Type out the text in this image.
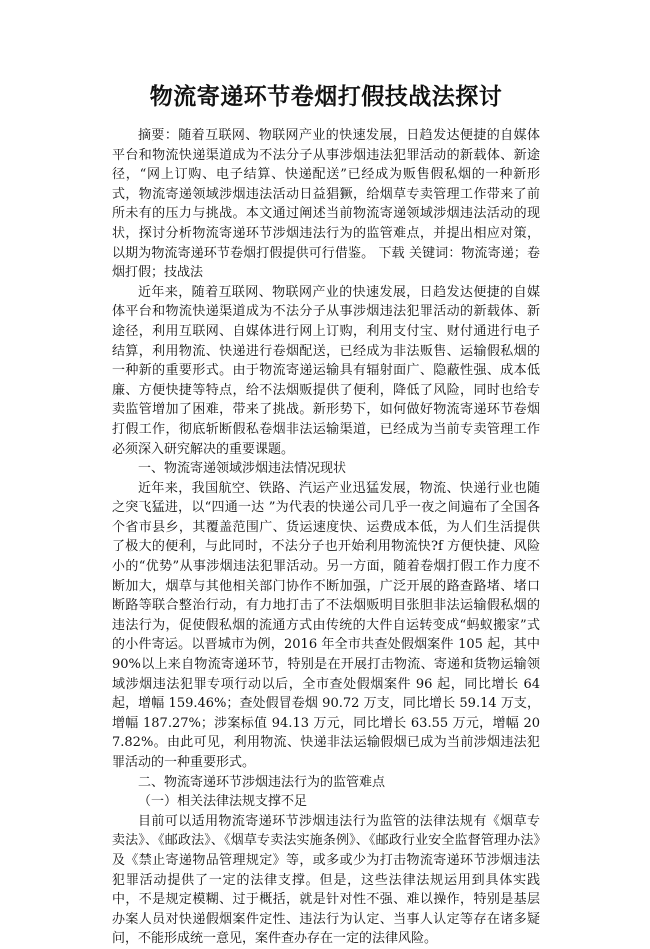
物流寄递环节卷烟打假技战法探讨

摘要：随着互联网、物联网产业的快速发展，日趋发达便捷的自媒体平台和物流快递渠道成为不法分子从事涉烟违法犯罪活动的新载体、新途径，“网上订购、电子结算、快递配送”已经成为贩售假私烟的一种新形式，物流寄递领域涉烟违法活动日益猖獗，给烟草专卖管理工作带来了前所未有的压力与挑战。本文通过阐述当前物流寄递领域涉烟违法活动的现状，探讨分析物流寄递环节涉烟违法行为的监管难点，并提出相应对策，以期为物流寄递环节卷烟打假提供可行借鉴。 下载 关键词：物流寄递；卷烟打假；技战法

近年来，随着互联网、物联网产业的快速发展，日趋发达便捷的自媒体平台和物流快递渠道成为不法分子从事涉烟违法犯罪活动的新载体、新途径，利用互联网、自媒体进行网上订购，利用支付宝、财付通进行电子结算，利用物流、快递进行卷烟配送，已经成为非法贩售、运输假私烟的一种新的重要形式。由于物流寄递运输具有辐射面广、隐蔽性强、成本低廉、方便快捷等特点，给不法烟贩提供了便利，降低了风险，同时也给专卖监管增加了困难，带来了挑战。新形势下，如何做好物流寄递环节卷烟打假工作，彻底斩断假私卷烟非法运输渠道，已经成为当前专卖管理工作必须深入研究解决的重要课题。

一、物流寄递领域涉烟违法情况现状

近年来，我国航空、铁路、汽运产业迅猛发展，物流、快递行业也随之突飞猛进，以“四通一达 ”为代表的快递公司几乎一夜之间遍布了全国各个省市县乡，其覆盖范围广、货运速度快、运费成本低，为人们生活提供了极大的便利，与此同时，不法分子也开始利用物流快?f 方便快捷、风险小的“优势”从事涉烟违法犯罪活动。另一方面，随着卷烟打假工作力度不断加大，烟草与其他相关部门协作不断加强，广泛开展的路查路堵、堵口断路等联合整治行动，有力地打击了不法烟贩明目张胆非法运输假私烟的违法行为，促使假私烟的流通方式由传统的大件自运转变成“蚂蚁搬家”式的小件寄运。以晋城市为例，2016 年全市共查处假烟案件 105 起，其中 90%以上来自物流寄递环节，特别是在开展打击物流、寄递和货物运输领域涉烟违法犯罪专项行动以后，全市查处假烟案件 96 起，同比增长 64 起，增幅 159.46%；查处假冒卷烟 90.72 万支，同比增长 59.14 万支，增幅 187.27%；涉案标值 94.13 万元，同比增长 63.55 万元，增幅 207.82%。由此可见，利用物流、快递非法运输假烟已成为当前涉烟违法犯罪活动的一种重要形式。

二、物流寄递环节涉烟违法行为的监管难点

（一）相关法律法规支撑不足

目前可以适用物流寄递环节涉烟违法行为监管的法律法规有《烟草专卖法》、《邮政法》、《烟草专卖法实施条例》、《邮政行业安全监督管理办法》及《禁止寄递物品管理规定》等，或多或少为打击物流寄递环节涉烟违法犯罪活动提供了一定的法律支撑。但是，这些法律法规运用到具体实践中，不是规定模糊、过于概括，就是针对性不强、难以操作，特别是基层办案人员对快递假烟案件定性、违法行为认定、当事人认定等存在诸多疑问，不能形成统一意见，案件查办存在一定的法律风险。
